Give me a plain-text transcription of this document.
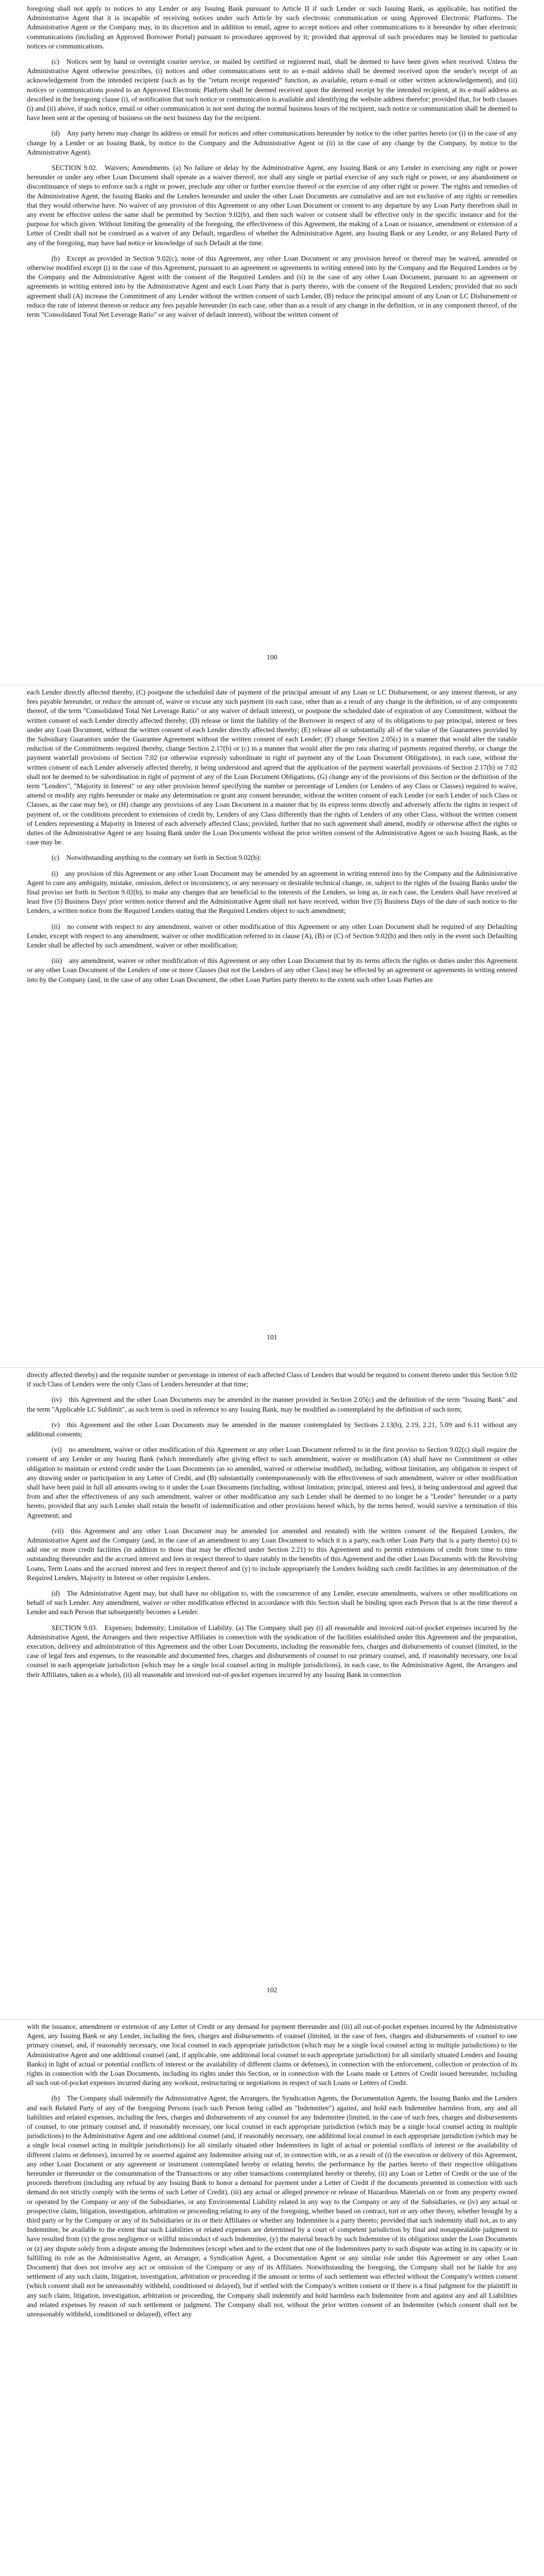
foregoing shall not apply to notices to any Lender or any Issuing Bank pursuant to Article II if such Lender or such Issuing Bank, as applicable, has notified the Administrative Agent that it is incapable of receiving notices under such Article by such electronic communication or using Approved Electronic Platforms. The Administrative Agent or the Company may, in its discretion and in addition to email, agree to accept notices and other communications to it hereunder by other electronic communications (including an Approved Borrower Portal) pursuant to procedures approved by it; provided that approval of such procedures may be limited to particular notices or communications.

(c) Notices sent by hand or overnight courier service, or mailed by certified or registered mail, shall be deemed to have been given when received. Unless the Administrative Agent otherwise prescribes, (i) notices and other communications sent to an e-mail address shall be deemed received upon the sender's receipt of an acknowledgement from the intended recipient (such as by the "return receipt requested" function, as available, return e-mail or other written acknowledgement), and (ii) notices or communications posted to an Approved Electronic Platform shall be deemed received upon the deemed receipt by the intended recipient, at its e-mail address as described in the foregoing clause (i), of notification that such notice or communication is available and identifying the website address therefor; provided that, for both clauses (i) and (ii) above, if such notice, email or other communication is not sent during the normal business hours of the recipient, such notice or communication shall be deemed to have been sent at the opening of business on the next business day for the recipient.

(d) Any party hereto may change its address or email for notices and other communications hereunder by notice to the other parties hereto (or (i) in the case of any change by a Lender or an Issuing Bank, by notice to the Company and the Administrative Agent or (ii) in the case of any change by the Company, by notice to the Administrative Agent).

SECTION 9.02. Waivers; Amendments. (a) No failure or delay by the Administrative Agent, any Issuing Bank or any Lender in exercising any right or power hereunder or under any other Loan Document shall operate as a waiver thereof, nor shall any single or partial exercise of any such right or power, or any abandonment or discontinuance of steps to enforce such a right or power, preclude any other or further exercise thereof or the exercise of any other right or power. The rights and remedies of the Administrative Agent, the Issuing Banks and the Lenders hereunder and under the other Loan Documents are cumulative and are not exclusive of any rights or remedies that they would otherwise have. No waiver of any provision of this Agreement or any other Loan Document or consent to any departure by any Loan Party therefrom shall in any event be effective unless the same shall be permitted by Section 9.02(b), and then such waiver or consent shall be effective only in the specific instance and for the purpose for which given. Without limiting the generality of the foregoing, the effectiveness of this Agreement, the making of a Loan or issuance, amendment or extension of a Letter of Credit shall not be construed as a waiver of any Default, regardless of whether the Administrative Agent, any Issuing Bank or any Lender, or any Related Party of any of the foregoing, may have had notice or knowledge of such Default at the time.

(b) Except as provided in Section 9.02(c), none of this Agreement, any other Loan Document or any provision hereof or thereof may be waived, amended or otherwise modified except (i) in the case of this Agreement, pursuant to an agreement or agreements in writing entered into by the Company and the Required Lenders or by the Company and the Administrative Agent with the consent of the Required Lenders and (ii) in the case of any other Loan Document, pursuant to an agreement or agreements in writing entered into by the Administrative Agent and each Loan Party that is party thereto, with the consent of the Required Lenders; provided that no such agreement shall (A) increase the Commitment of any Lender without the written consent of such Lender, (B) reduce the principal amount of any Loan or LC Disbursement or reduce the rate of interest thereon or reduce any fees payable hereunder (in each case, other than as a result of any change in the definition, or in any component thereof, of the term "Consolidated Total Net Leverage Ratio" or any waiver of default interest), without the written consent of

100

each Lender directly affected thereby, (C) postpone the scheduled date of payment of the principal amount of any Loan or LC Disbursement, or any interest thereon, or any fees payable hereunder, or reduce the amount of, waive or excuse any such payment (in each case, other than as a result of any change in the definition, or of any components thereof, of the term "Consolidated Total Net Leverage Ratio" or any waiver of default interest), or postpone the scheduled date of expiration of any Commitment, without the written consent of each Lender directly affected thereby; (D) release or limit the liability of the Borrower in respect of any of its obligations to pay principal, interest or fees under any Loan Document, without the written consent of each Lender directly affected thereby; (E) release all or substantially all of the value of the Guarantees provided by the Subsidiary Guarantors under the Guarantee Agreement without the written consent of each Lender; (F) change Section 2.05(c) in a manner that would alter the ratable reduction of the Commitments required thereby, change Section 2.17(b) or (c) in a manner that would alter the pro rata sharing of payments required thereby, or change the payment waterfall provisions of Section 7.02 (or otherwise expressly subordinate in right of payment any of the Loan Document Obligations), in each case, without the written consent of each Lender adversely affected thereby, it being understood and agreed that the application of the payment waterfall provisions of Section 2.17(b) or 7.02 shall not be deemed to be subordination in right of payment of any of the Loan Document Obligations, (G) change any of the provisions of this Section or the definition of the term "Lenders", "Majority in Interest" or any other provision hereof specifying the number or percentage of Lenders (or Lenders of any Class or Classes) required to waive, amend or modify any rights hereunder or make any determination or grant any consent hereunder, without the written consent of each Lender (or each Lender of such Class or Classes, as the case may be); or (H) change any provisions of any Loan Document in a manner that by its express terms directly and adversely affects the rights in respect of payment of, or the conditions precedent to extensions of credit by, Lenders of any Class differently than the rights of Lenders of any other Class, without the written consent of Lenders representing a Majority in Interest of each adversely affected Class; provided, further that no such agreement shall amend, modify or otherwise affect the rights or duties of the Administrative Agent or any Issuing Bank under the Loan Documents without the prior written consent of the Administrative Agent or such Issuing Bank, as the case may be.

(c) Notwithstanding anything to the contrary set forth in Section 9.02(b):

(i) any provision of this Agreement or any other Loan Document may be amended by an agreement in writing entered into by the Company and the Administrative Agent to cure any ambiguity, mistake, omission, defect or inconsistency, or any necessary or desirable technical change, or, subject to the rights of the Issuing Banks under the final proviso set forth in Section 9.02(b), to make any changes that are beneficial to the interests of the Lenders, so long as, in each case, the Lenders shall have received at least five (5) Business Days' prior written notice thereof and the Administrative Agent shall not have received, within five (5) Business Days of the date of such notice to the Lenders, a written notice from the Required Lenders stating that the Required Lenders object to such amendment;

(ii) no consent with respect to any amendment, waiver or other modification of this Agreement or any other Loan Document shall be required of any Defaulting Lender, except with respect to any amendment, waiver or other modification referred to in clause (A), (B) or (C) of Section 9.02(b) and then only in the event such Defaulting Lender shall be affected by such amendment, waiver or other modification;

(iii) any amendment, waiver or other modification of this Agreement or any other Loan Document that by its terms affects the rights or duties under this Agreement or any other Loan Document of the Lenders of one or more Classes (but not the Lenders of any other Class) may be effected by an agreement or agreements in writing entered into by the Company (and, in the case of any other Loan Document, the other Loan Parties party thereto to the extent such other Loan Parties are

101

directly affected thereby) and the requisite number or percentage in interest of each affected Class of Lenders that would be required to consent thereto under this Section 9.02 if such Class of Lenders were the only Class of Lenders hereunder at that time;

(iv) this Agreement and the other Loan Documents may be amended in the manner provided in Section 2.05(c) and the definition of the term "Issuing Bank" and the term "Applicable LC Sublimit", as such term is used in reference to any Issuing Bank, may be modified as contemplated by the definition of such term;

(v) this Agreement and the other Loan Documents may be amended in the manner contemplated by Sections 2.13(b), 2.19, 2.21, 5.09 and 6.11 without any additional consents;

(vi) no amendment, waiver or other modification of this Agreement or any other Loan Document referred to in the first proviso to Section 9.02(c) shall require the consent of any Lender or any Issuing Bank (which immediately after giving effect to such amendment, waiver or modification (A) shall have no Commitment or other obligation to maintain or extend credit under the Loan Documents (as so amended, waived or otherwise modified), including, without limitation, any obligation in respect of any drawing under or participation in any Letter of Credit, and (B) substantially contemporaneously with the effectiveness of such amendment, waiver or other modification shall have been paid in full all amounts owing to it under the Loan Documents (including, without limitation, principal, interest and fees), it being understood and agreed that from and after the effectiveness of any such amendment, waiver or other modification any such Lender shall be deemed to no longer be a "Lender" hereunder or a party hereto, provided that any such Lender shall retain the benefit of indemnification and other provisions hereof which, by the terms hereof, would survive a termination of this Agreement; and

(vii) this Agreement and any other Loan Document may be amended (or amended and restated) with the written consent of the Required Lenders, the Administrative Agent and the Company (and, in the case of an amendment to any Loan Document to which it is a party, each other Loan Party that is a party thereto) (x) to add one or more credit facilities (in addition to those that may be effected under Section 2.21) to this Agreement and to permit extensions of credit from time to time outstanding thereunder and the accrued interest and fees in respect thereof to share ratably in the benefits of this Agreement and the other Loan Documents with the Revolving Loans, Term Loans and the accrued interest and fees in respect thereof and (y) to include appropriately the Lenders holding such credit facilities in any determination of the Required Lenders, Majority in Interest or other requisite Lenders.

(d) The Administrative Agent may, but shall have no obligation to, with the concurrence of any Lender, execute amendments, waivers or other modifications on behalf of such Lender. Any amendment, waiver or other modification effected in accordance with this Section shall be binding upon each Person that is at the time thereof a Lender and each Person that subsequently becomes a Lender.

SECTION 9.03. Expenses; Indemnity; Limitation of Liability. (a) The Company shall pay (i) all reasonable and invoiced out-of-pocket expenses incurred by the Administrative Agent, the Arrangers and their respective Affiliates in connection with the syndication of the facilities established under this Agreement and the preparation, execution, delivery and administration of this Agreement and the other Loan Documents, including the reasonable fees, charges and disbursements of counsel (limited, in the case of legal fees and expenses, to the reasonable and documented fees, charges and disbursements of counsel to our primary counsel, and, if reasonably necessary, one local counsel in each appropriate jurisdiction (which may be a single local counsel acting in multiple jurisdictions), in each case, to the Administrative Agent, the Arrangers and their Affiliates, taken as a whole), (ii) all reasonable and invoiced out-of-pocket expenses incurred by any Issuing Bank in connection

102

with the issuance, amendment or extension of any Letter of Credit or any demand for payment thereunder and (iii) all out-of-pocket expenses incurred by the Administrative Agent, any Issuing Bank or any Lender, including the fees, charges and disbursements of counsel (limited, in the case of fees, charges and disbursements of counsel to one primary counsel, and, if reasonably necessary, one local counsel in each appropriate jurisdiction (which may be a single local counsel acting in multiple jurisdictions) to the Administrative Agent and one additional counsel (and, if applicable, one additional local counsel in each appropriate jurisdiction) for all similarly situated Lenders and Issuing Banks) in light of actual or potential conflicts of interest or the availability of different claims or defenses), in connection with the enforcement, collection or protection of its rights in connection with the Loan Documents, including its rights under this Section, or in connection with the Loans made or Letters of Credit issued hereunder, including all such out-of-pocket expenses incurred during any workout, restructuring or negotiations in respect of such Loans or Letters of Credit.

(b) The Company shall indemnify the Administrative Agent, the Arrangers, the Syndication Agents, the Documentation Agents, the Issuing Banks and the Lenders and each Related Party of any of the foregoing Persons (each such Person being called an "Indemnitee") against, and hold each Indemnitee harmless from, any and all liabilities and related expenses, including the fees, charges and disbursements of any counsel for any Indemnitee (limited, in the case of such fees, charges and disbursements of counsel, to one primary counsel and, if reasonably necessary, one local counsel in each appropriate jurisdiction (which may be a single local counsel acting in multiple jurisdictions) to the Administrative Agent and one additional counsel (and, if reasonably necessary, one additional local counsel in each appropriate jurisdiction (which may be a single local counsel acting in multiple jurisdictions)) for all similarly situated other Indemnitees in light of actual or potential conflicts of interest or the availability of different claims or defenses), incurred by or asserted against any Indemnitee arising out of, in connection with, or as a result of (i) the execution or delivery of this Agreement, any other Loan Document or any agreement or instrument contemplated hereby or relating hereto, the performance by the parties hereto of their respective obligations hereunder or thereunder or the consummation of the Transactions or any other transactions contemplated hereby or thereby, (ii) any Loan or Letter of Credit or the use of the proceeds therefrom (including any refusal by any Issuing Bank to honor a demand for payment under a Letter of Credit if the documents presented in connection with such demand do not strictly comply with the terms of such Letter of Credit), (iii) any actual or alleged presence or release of Hazardous Materials on or from any property owned or operated by the Company or any of the Subsidiaries, or any Environmental Liability related in any way to the Company or any of the Subsidiaries, or (iv) any actual or prospective claim, litigation, investigation, arbitration or proceeding relating to any of the foregoing, whether based on contract, tort or any other theory, whether brought by a third party or by the Company or any of its Subsidiaries or its or their Affiliates or whether any Indemnitee is a party thereto; provided that such indemnity shall not, as to any Indemnitee, be available to the extent that such Liabilities or related expenses are determined by a court of competent jurisdiction by final and nonappealable judgment to have resulted from (x) the gross negligence or willful misconduct of such Indemnitee, (y) the material breach by such Indemnitee of its obligations under the Loan Documents or (z) any dispute solely from a dispute among the Indemnitees (except when and to the extent that one of the Indemnitees party to such dispute was acting in its capacity or in fulfilling its role as the Administrative Agent, an Arranger, a Syndication Agent, a Documentation Agent or any similar role under this Agreement or any other Loan Document) that does not involve any act or omission of the Company or any of its Affiliates. Notwithstanding the foregoing, the Company shall not be liable for any settlement of any such claim, litigation, investigation, arbitration or proceeding if the amount or terms of such settlement was effected without the Company's written consent (which consent shall not be unreasonably withheld, conditioned or delayed), but if settled with the Company's written consent or if there is a final judgment for the plaintiff in any such claim, litigation, investigation, arbitration or proceeding, the Company shall indemnify and hold harmless each Indemnitee from and against any and all Liabilities and related expenses by reason of such settlement or judgment. The Company shall not, without the prior written consent of an Indemnitee (which consent shall not be unreasonably withheld, conditioned or delayed), effect any
